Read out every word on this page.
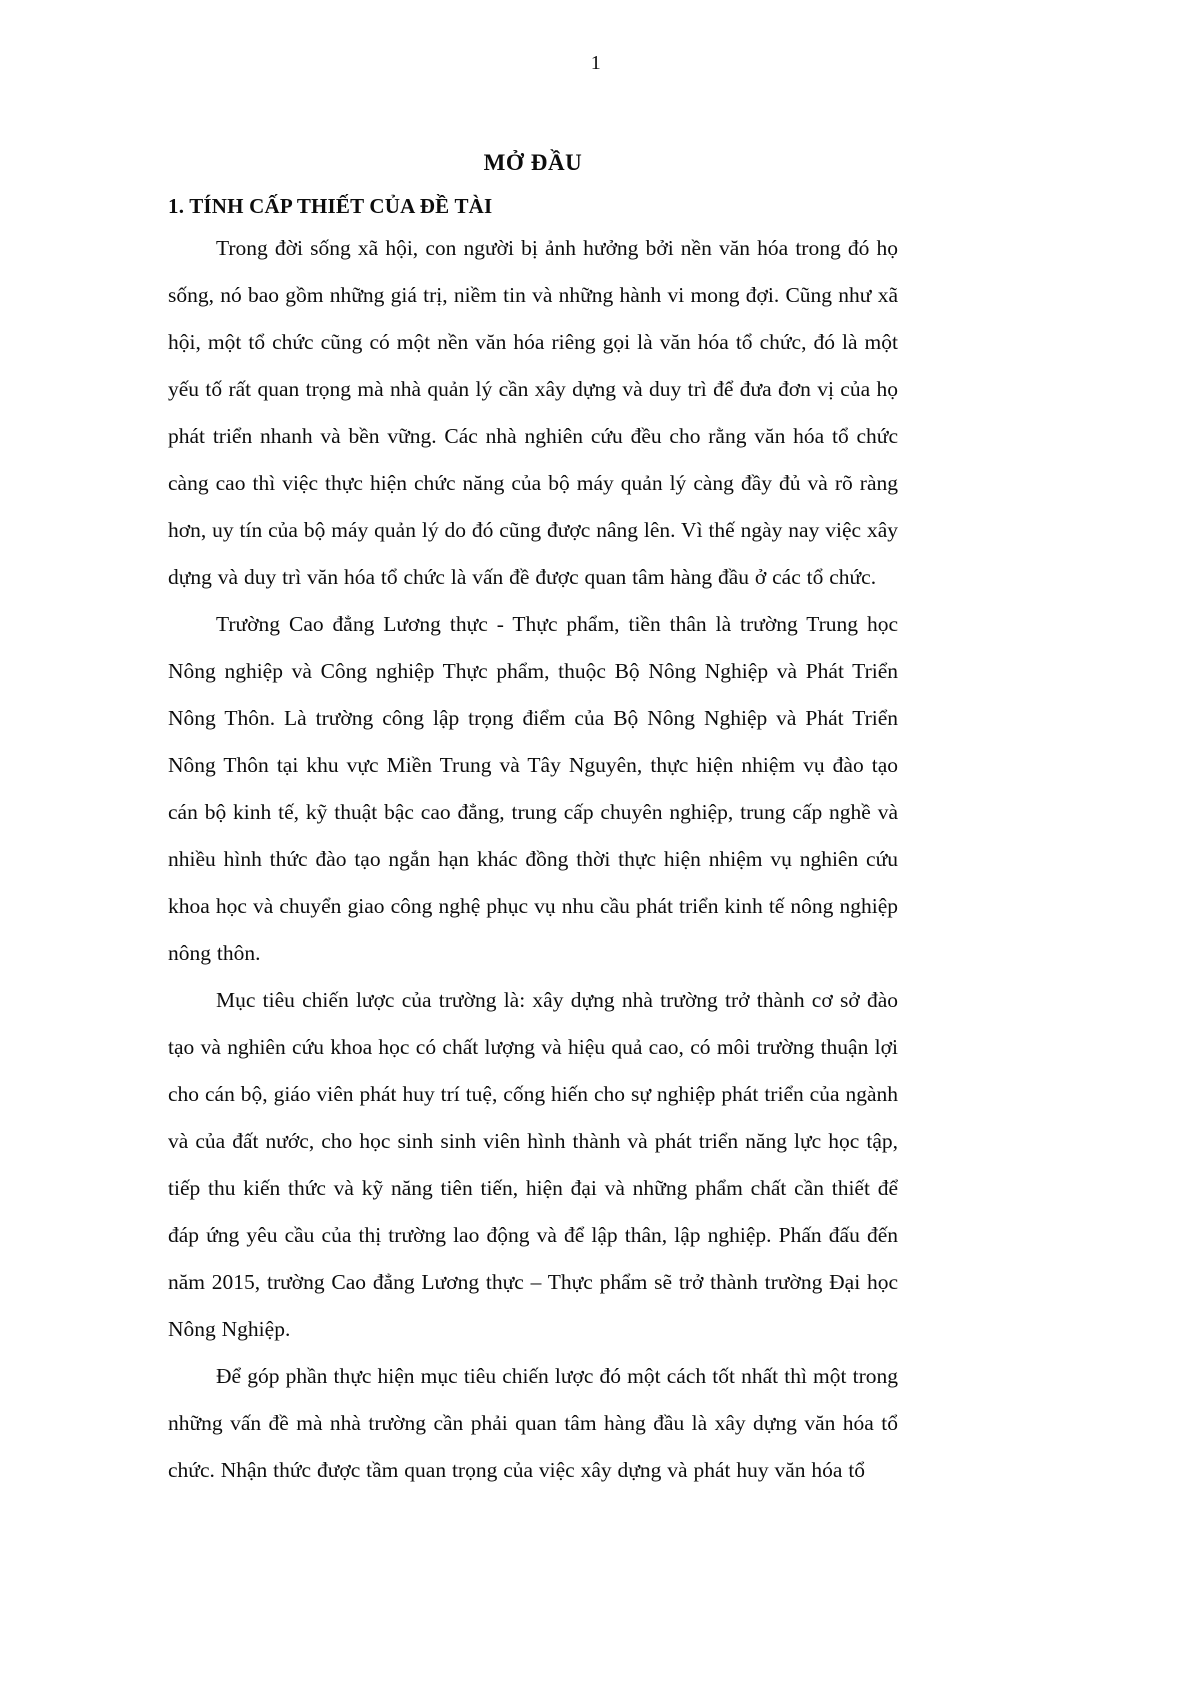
1
MỞ ĐẦU
1. TÍNH CẤP THIẾT CỦA ĐỀ TÀI

Trong đời sống xã hội, con người bị ảnh hưởng bởi nền văn hóa trong đó họ sống, nó bao gồm những giá trị, niềm tin và những hành vi mong đợi. Cũng như xã hội, một tổ chức cũng có một nền văn hóa riêng gọi là văn hóa tổ chức, đó là một yếu tố rất quan trọng mà nhà quản lý cần xây dựng và duy trì để đưa đơn vị của họ phát triển nhanh và bền vững. Các nhà nghiên cứu đều cho rằng văn hóa tổ chức càng cao thì việc thực hiện chức năng của bộ máy quản lý càng đầy đủ và rõ ràng hơn, uy tín của bộ máy quản lý do đó cũng được nâng lên. Vì thế ngày nay việc xây dựng và duy trì văn hóa tổ chức là vấn đề được quan tâm hàng đầu ở các tổ chức.

Trường Cao đẳng Lương thực - Thực phẩm, tiền thân là trường Trung học Nông nghiệp và Công nghiệp Thực phẩm, thuộc Bộ Nông Nghiệp và Phát Triển Nông Thôn. Là trường công lập trọng điểm của Bộ Nông Nghiệp và Phát Triển Nông Thôn tại khu vực Miền Trung và Tây Nguyên, thực hiện nhiệm vụ đào tạo cán bộ kinh tế, kỹ thuật bậc cao đẳng, trung cấp chuyên nghiệp, trung cấp nghề và nhiều hình thức đào tạo ngắn hạn khác đồng thời thực hiện nhiệm vụ nghiên cứu khoa học và chuyển giao công nghệ phục vụ nhu cầu phát triển kinh tế nông nghiệp nông thôn.

Mục tiêu chiến lược của trường là: xây dựng nhà trường trở thành cơ sở đào tạo và nghiên cứu khoa học có chất lượng và hiệu quả cao, có môi trường thuận lợi cho cán bộ, giáo viên phát huy trí tuệ, cống hiến cho sự nghiệp phát triển của ngành và của đất nước, cho học sinh sinh viên hình thành và phát triển năng lực học tập, tiếp thu kiến thức và kỹ năng tiên tiến, hiện đại và những phẩm chất cần thiết để đáp ứng yêu cầu của thị trường lao động và để lập thân, lập nghiệp. Phấn đấu đến năm 2015, trường Cao đẳng Lương thực – Thực phẩm sẽ trở thành trường Đại học Nông Nghiệp.

Để góp phần thực hiện mục tiêu chiến lược đó một cách tốt nhất thì một trong những vấn đề mà nhà trường cần phải quan tâm hàng đầu là xây dựng văn hóa tổ chức. Nhận thức được tầm quan trọng của việc xây dựng và phát huy văn hóa tổ
